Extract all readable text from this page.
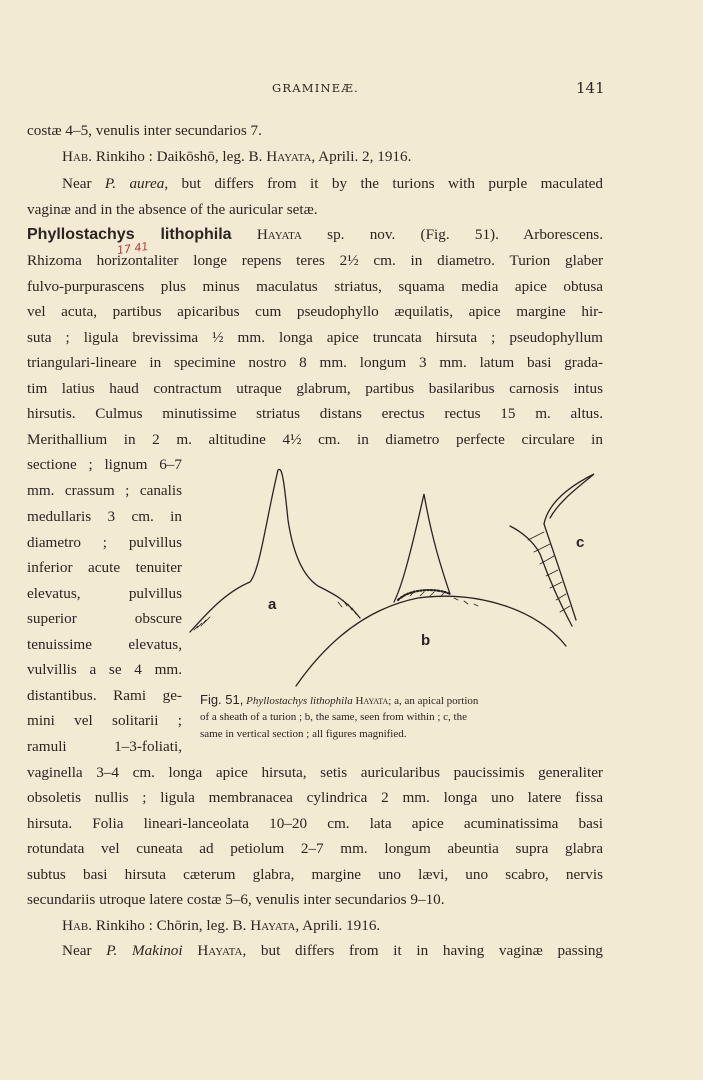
GRAMINEÆ.	141
costæ 4–5, venulis inter secundarios 7.
Hab. Rinkiho : Daikōshō, leg. B. Hayata, Aprili. 2, 1916.
Near P. aurea, but differs from it by the turions with purple maculated
vaginæ and in the absence of the auricular setæ.
17 41
Phyllostachys lithophila Hayata sp. nov. (Fig. 51). Arborescens.
Rhizoma horizontaliter longe repens teres 2½ cm. in diametro. Turion glaber
fulvo-purpurascens plus minus maculatus striatus, squama media apice obtusa
vel acuta, partibus apicaribus cum pseudophyllo æquilatis, apice margine hir-
suta ; ligula brevissima ½ mm. longa apice truncata hirsuta ; pseudophyllum
triangulari-lineare in specimine nostro 8 mm. longum 3 mm. latum basi grada-
tim latius haud contractum utraque glabrum, partibus basilaribus carnosis intus
hirsutis. Culmus minutissime striatus distans erectus rectus 15 m. altus.
Merithallium in 2 m. altitudine 4½ cm. in diametro perfecte circulare in
sectione ; lignum 6–7
mm. crassum ; canalis
medullaris 3 cm. in
diametro ; pulvillus
inferior acute tenuiter
elevatus, pulvillus
superior obscure
tenuissime elevatus,
vulvillis a se 4 mm.
distantibus. Rami ge-
mini vel solitarii ;
ramuli 1–3-foliati,
a
b
c
Fig. 51, Phyllostachys lithophila Hayata; a, an apical portion
of a sheath of a turion ; b, the same, seen from within ; c, the
same in vertical section ; all figures magnified.
vaginella 3–4 cm. longa apice hirsuta, setis auricularibus paucissimis generaliter
obsoletis nullis ; ligula membranacea cylindrica 2 mm. longa uno latere fissa
hirsuta. Folia lineari-lanceolata 10–20 cm. lata apice acuminatissima basi
rotundata vel cuneata ad petiolum 2–7 mm. longum abeuntia supra glabra
subtus basi hirsuta cæterum glabra, margine uno lævi, uno scabro, nervis
secundariis utroque latere costæ 5–6, venulis inter secundarios 9–10.
Hab. Rinkiho : Chōrin, leg. B. Hayata, Aprili. 1916.
Near P. Makinoi Hayata, but differs from it in having vaginæ passing
